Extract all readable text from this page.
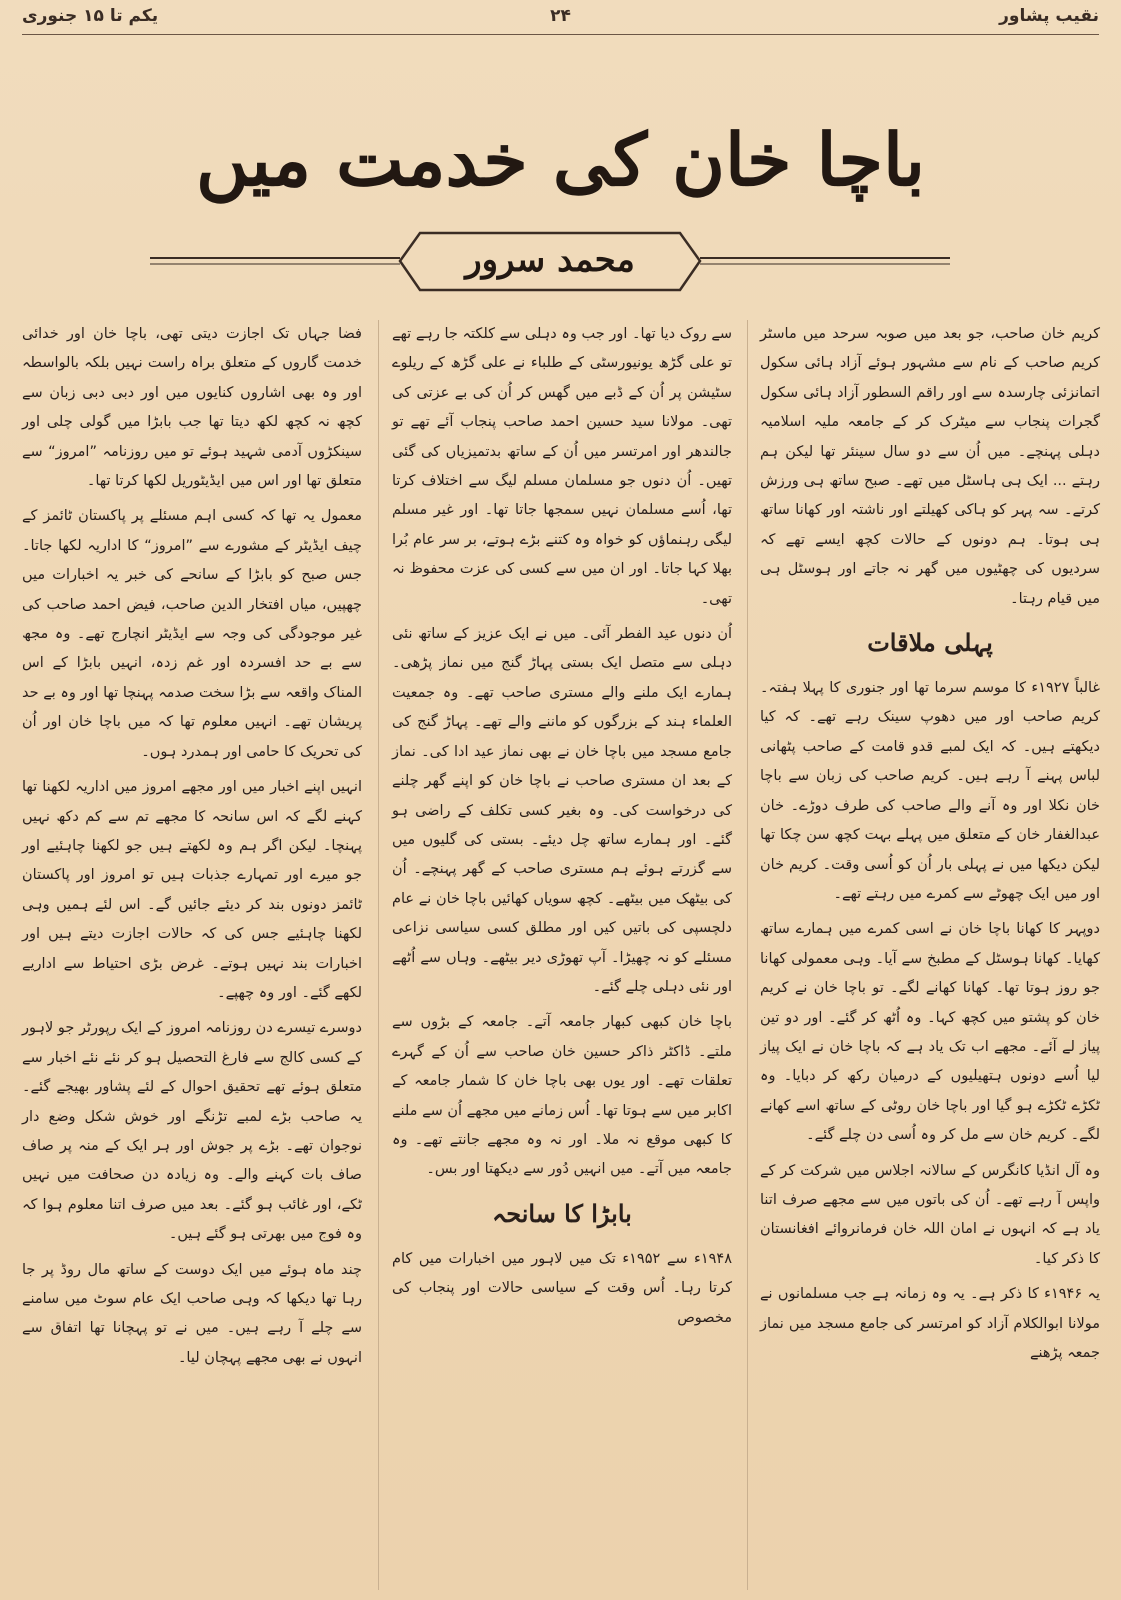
نقیب پشاور
۲۴
یکم تا ۱۵ جنوری
باچا خان کی خدمت میں
محمد سرور

کریم خان صاحب، جو بعد میں صوبہ سرحد میں ماسٹر کریم صاحب کے نام سے مشہور ہوئے آزاد ہائی سکول اتمانزئی چارسدہ سے اور راقم السطور آزاد ہائی سکول گجرات پنجاب سے میٹرک کر کے جامعہ ملیہ اسلامیہ دہلی پہنچے۔ میں اُن سے دو سال سینئر تھا لیکن ہم رہتے ... ایک ہی ہاسٹل میں تھے۔ صبح ساتھ ہی ورزش کرتے۔ سہ پہر کو ہاکی کھیلتے اور ناشتہ اور کھانا ساتھ ہی ہوتا۔ ہم دونوں کے حالات کچھ ایسے تھے کہ سردیوں کی چھٹیوں میں گھر نہ جاتے اور ہوسٹل ہی میں قیام رہتا۔

پہلی ملاقات

غالباً ۱۹۲۷ء کا موسم سرما تھا اور جنوری کا پہلا ہفتہ۔ کریم صاحب اور میں دھوپ سینک رہے تھے۔ کہ کیا دیکھتے ہیں۔ کہ ایک لمبے قدو قامت کے صاحب پٹھانی لباس پہنے آ رہے ہیں۔ کریم صاحب کی زبان سے باچا خان نکلا اور وہ آنے والے صاحب کی طرف دوڑے۔ خان عبدالغفار خان کے متعلق میں پہلے بہت کچھ سن چکا تھا لیکن دیکھا میں نے پہلی بار اُن کو اُسی وقت۔ کریم خان اور میں ایک چھوٹے سے کمرے میں رہتے تھے۔

دوپہر کا کھانا باچا خان نے اسی کمرے میں ہمارے ساتھ کھایا۔ کھانا ہوسٹل کے مطبخ سے آیا۔ وہی معمولی کھانا جو روز ہوتا تھا۔ کھانا کھانے لگے۔ تو باچا خان نے کریم خان کو پشتو میں کچھ کہا۔ وہ اُٹھ کر گئے۔ اور دو تین پیاز لے آئے۔ مجھے اب تک یاد ہے کہ باچا خان نے ایک پیاز لیا اُسے دونوں ہتھیلیوں کے درمیان رکھ کر دبایا۔ وہ ٹکڑے ٹکڑے ہو گیا اور باچا خان روٹی کے ساتھ اسے کھانے لگے۔ کریم خان سے مل کر وہ اُسی دن چلے گئے۔

وہ آل انڈیا کانگرس کے سالانہ اجلاس میں شرکت کر کے واپس آ رہے تھے۔ اُن کی باتوں میں سے مجھے صرف اتنا یاد ہے کہ انہوں نے امان اللہ خان فرمانروائے افغانستان کا ذکر کیا۔

یہ ۱۹۴۶ء کا ذکر ہے۔ یہ وہ زمانہ ہے جب مسلمانوں نے مولانا ابوالکلام آزاد کو امرتسر کی جامع مسجد میں نماز جمعہ پڑھنے

سے روک دیا تھا۔ اور جب وہ دہلی سے کلکتہ جا رہے تھے تو علی گڑھ یونیورسٹی کے طلباء نے علی گڑھ کے ریلوے سٹیشن پر اُن کے ڈبے میں گھس کر اُن کی بے عزتی کی تھی۔ مولانا سید حسین احمد صاحب پنجاب آئے تھے تو جالندھر اور امرتسر میں اُن کے ساتھ بدتمیزیاں کی گئی تھیں۔ اُن دنوں جو مسلمان مسلم لیگ سے اختلاف کرتا تھا، اُسے مسلمان نہیں سمجھا جاتا تھا۔ اور غیر مسلم لیگی رہنماؤں کو خواہ وہ کتنے بڑے ہوتے، بر سر عام بُرا بھلا کہا جاتا۔ اور ان میں سے کسی کی عزت محفوظ نہ تھی۔

اُن دنوں عید الفطر آئی۔ میں نے ایک عزیز کے ساتھ نئی دہلی سے متصل ایک بستی پہاڑ گنج میں نماز پڑھی۔ ہمارے ایک ملنے والے مستری صاحب تھے۔ وہ جمعیت العلماء ہند کے بزرگوں کو ماننے والے تھے۔ پہاڑ گنج کی جامع مسجد میں باچا خان نے بھی نماز عید ادا کی۔ نماز کے بعد ان مستری صاحب نے باچا خان کو اپنے گھر چلنے کی درخواست کی۔ وہ بغیر کسی تکلف کے راضی ہو گئے۔ اور ہمارے ساتھ چل دیئے۔ بستی کی گلیوں میں سے گزرتے ہوئے ہم مستری صاحب کے گھر پہنچے۔ اُن کی بیٹھک میں بیٹھے۔ کچھ سویاں کھائیں باچا خان نے عام دلچسپی کی باتیں کیں اور مطلق کسی سیاسی نزاعی مسئلے کو نہ چھیڑا۔ آپ تھوڑی دیر بیٹھے۔ وہاں سے اُٹھے اور نئی دہلی چلے گئے۔

باچا خان کبھی کبھار جامعہ آتے۔ جامعہ کے بڑوں سے ملتے۔ ڈاکٹر ذاکر حسین خان صاحب سے اُن کے گہرے تعلقات تھے۔ اور یوں بھی باچا خان کا شمار جامعہ کے اکابر میں سے ہوتا تھا۔ اُس زمانے میں مجھے اُن سے ملنے کا کبھی موقع نہ ملا۔ اور نہ وہ مجھے جانتے تھے۔ وہ جامعہ میں آتے۔ میں انہیں دُور سے دیکھتا اور بس۔

بابڑا کا سانحہ

۱۹۴۸ء سے ۱۹۵۲ء تک میں لاہور میں اخبارات میں کام کرتا رہا۔ اُس وقت کے سیاسی حالات اور پنجاب کی مخصوص

فضا جہاں تک اجازت دیتی تھی، باچا خان اور خدائی خدمت گاروں کے متعلق براہ راست نہیں بلکہ بالواسطہ اور وہ بھی اشاروں کنایوں میں اور دبی دبی زبان سے کچھ نہ کچھ لکھ دیتا تھا جب بابڑا میں گولی چلی اور سینکڑوں آدمی شہید ہوئے تو میں روزنامہ ”امروز“ سے متعلق تھا اور اس میں ایڈیٹوریل لکھا کرتا تھا۔

معمول یہ تھا کہ کسی اہم مسئلے پر پاکستان ٹائمز کے چیف ایڈیٹر کے مشورے سے ”امروز“ کا اداریہ لکھا جاتا۔ جس صبح کو بابڑا کے سانحے کی خبر یہ اخبارات میں چھپیں، میاں افتخار الدین صاحب، فیض احمد صاحب کی غیر موجودگی کی وجہ سے ایڈیٹر انچارج تھے۔ وہ مجھ سے بے حد افسردہ اور غم زدہ، انہیں بابڑا کے اس المناک واقعہ سے بڑا سخت صدمہ پہنچا تھا اور وہ بے حد پریشان تھے۔ انہیں معلوم تھا کہ میں باچا خان اور اُن کی تحریک کا حامی اور ہمدرد ہوں۔

انہیں اپنے اخبار میں اور مجھے امروز میں اداریہ لکھنا تھا کہنے لگے کہ اس سانحہ کا مجھے تم سے کم دکھ نہیں پہنچا۔ لیکن اگر ہم وہ لکھتے ہیں جو لکھنا چاہئیے اور جو میرے اور تمہارے جذبات ہیں تو امروز اور پاکستان ٹائمز دونوں بند کر دیئے جائیں گے۔ اس لئے ہمیں وہی لکھنا چاہئیے جس کی کہ حالات اجازت دیتے ہیں اور اخبارات بند نہیں ہوتے۔ غرض بڑی احتیاط سے اداریے لکھے گئے۔ اور وہ چھپے۔

دوسرے تیسرے دن روزنامہ امروز کے ایک رپورٹر جو لاہور کے کسی کالج سے فارغ التحصیل ہو کر نئے نئے اخبار سے متعلق ہوئے تھے تحقیق احوال کے لئے پشاور بھیجے گئے۔ یہ صاحب بڑے لمبے تڑنگے اور خوش شکل وضع دار نوجوان تھے۔ بڑے پر جوش اور ہر ایک کے منہ پر صاف صاف بات کہنے والے۔ وہ زیادہ دن صحافت میں نہیں ٹکے، اور غائب ہو گئے۔ بعد میں صرف اتنا معلوم ہوا کہ وہ فوج میں بھرتی ہو گئے ہیں۔

چند ماہ ہوئے میں ایک دوست کے ساتھ مال روڈ پر جا رہا تھا دیکھا کہ وہی صاحب ایک عام سوٹ میں سامنے سے چلے آ رہے ہیں۔ میں نے تو پہچانا تھا اتفاق سے انہوں نے بھی مجھے پہچان لیا۔
